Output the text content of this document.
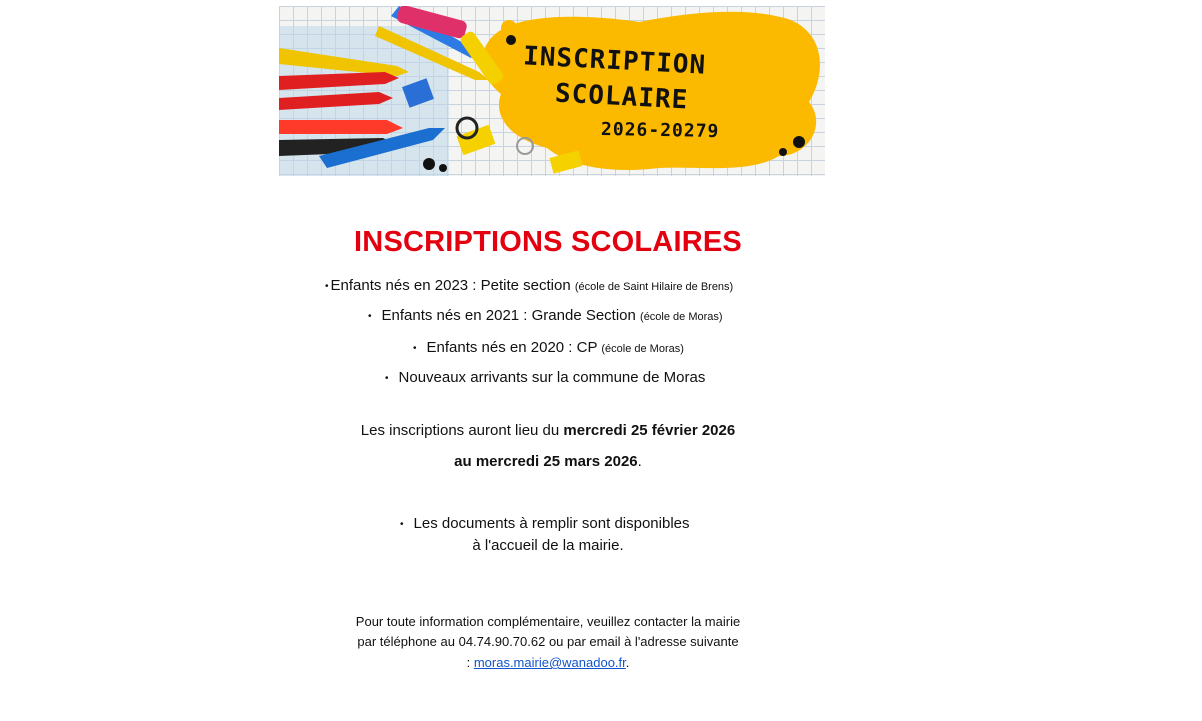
INSCRIPTION
SCOLAIRE
2026-20279
INSCRIPTIONS SCOLAIRES
• Enfants nés en 2023 : Petite section (école de Saint Hilaire de Brens)
• Enfants nés en 2021 : Grande Section (école de Moras)
• Enfants nés en 2020 : CP (école de Moras)
• Nouveaux arrivants sur la commune de Moras
Les inscriptions auront lieu du mercredi 25 février 2026
au mercredi 25 mars 2026.
• Les documents à remplir sont disponibles
à l'accueil de la mairie.
Pour toute information complémentaire, veuillez contacter la mairie
par téléphone au 04.74.90.70.62 ou par email à l'adresse suivante
: moras.mairie@wanadoo.fr.
